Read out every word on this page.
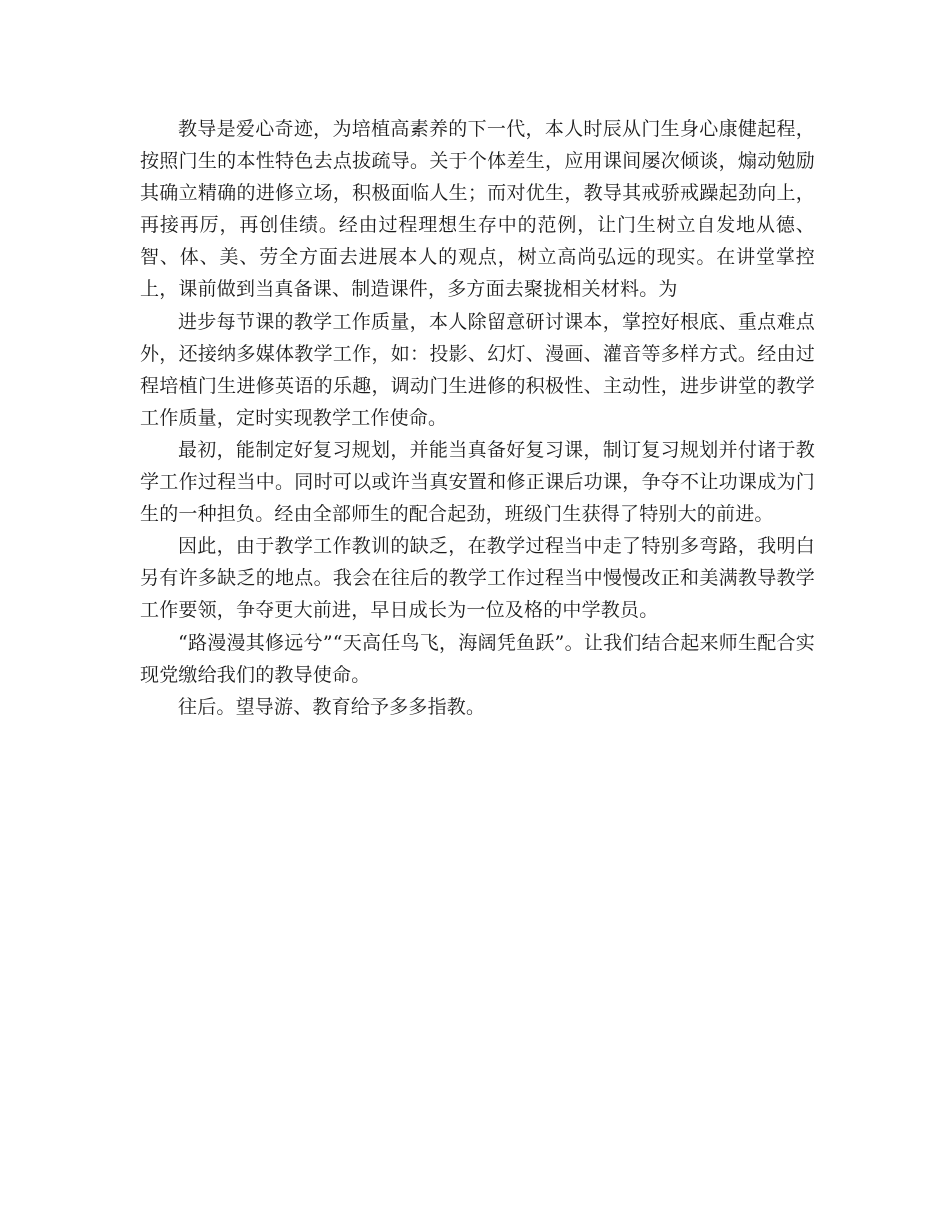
教导是爱心奇迹，为培植高素养的下一代，本人时辰从门生身心康健起程，按照门生的本性特色去点拔疏导。关于个体差生，应用课间屡次倾谈，煽动勉励其确立精确的进修立场，积极面临人生；而对优生，教导其戒骄戒躁起劲向上，再接再厉，再创佳绩。经由过程理想生存中的范例，让门生树立自发地从德、智、体、美、劳全方面去进展本人的观点，树立高尚弘远的现实。在讲堂掌控上，课前做到当真备课、制造课件，多方面去聚拢相关材料。为

进步每节课的教学工作质量，本人除留意研讨课本，掌控好根底、重点难点外，还接纳多媒体教学工作，如：投影、幻灯、漫画、灌音等多样方式。经由过程培植门生进修英语的乐趣，调动门生进修的积极性、主动性，进步讲堂的教学工作质量，定时实现教学工作使命。

最初，能制定好复习规划，并能当真备好复习课，制订复习规划并付诸于教学工作过程当中。同时可以或许当真安置和修正课后功课，争夺不让功课成为门生的一种担负。经由全部师生的配合起劲，班级门生获得了特别大的前进。

因此，由于教学工作教训的缺乏，在教学过程当中走了特别多弯路，我明白另有许多缺乏的地点。我会在往后的教学工作过程当中慢慢改正和美满教导教学工作要领，争夺更大前进，早日成长为一位及格的中学教员。

“路漫漫其修远兮”“天高任鸟飞，海阔凭鱼跃”。让我们结合起来师生配合实现党缴给我们的教导使命。

往后。望导游、教育给予多多指教。
